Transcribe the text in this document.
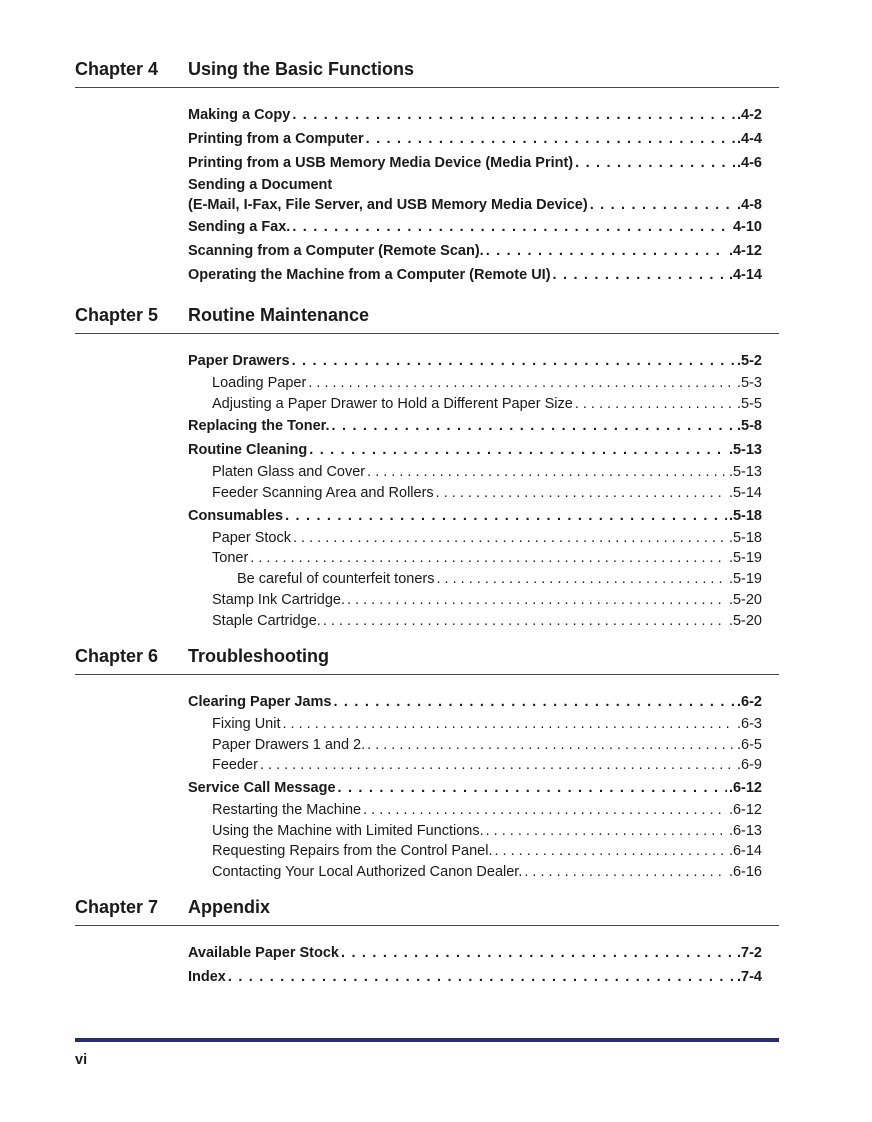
Chapter 4 Using the Basic Functions
Making a Copy . . .	.4-2
Printing from a Computer . . .	.4-4
Printing from a USB Memory Media Device (Media Print) . . .	.4-6
Sending a Document
(E-Mail, I-Fax, File Server, and USB Memory Media Device) . . .	.4-8
Sending a Fax. . . .	4-10
Scanning from a Computer (Remote Scan). . . .	.4-12
Operating the Machine from a Computer (Remote UI) . . .	.4-14
Chapter 5 Routine Maintenance
Paper Drawers . . .	.5-2
Loading Paper . . .	.5-3
Adjusting a Paper Drawer to Hold a Different Paper Size . . .	.5-5
Replacing the Toner. . . .	.5-8
Routine Cleaning . . .	.5-13
Platen Glass and Cover . . .	.5-13
Feeder Scanning Area and Rollers . . .	.5-14
Consumables . . .	.5-18
Paper Stock . . .	.5-18
Toner . . .	.5-19
Be careful of counterfeit toners . . .	.5-19
Stamp Ink Cartridge. . . .	.5-20
Staple Cartridge. . . .	.5-20
Chapter 6 Troubleshooting
Clearing Paper Jams . . .	.6-2
Fixing Unit . . .	.6-3
Paper Drawers 1 and 2. . . .	.6-5
Feeder . . .	.6-9
Service Call Message . . .	.6-12
Restarting the Machine . . .	.6-12
Using the Machine with Limited Functions. . . .	.6-13
Requesting Repairs from the Control Panel. . . .	.6-14
Contacting Your Local Authorized Canon Dealer. . . .	.6-16
Chapter 7 Appendix
Available Paper Stock . . .	.7-2
Index . . .	.7-4
vi
